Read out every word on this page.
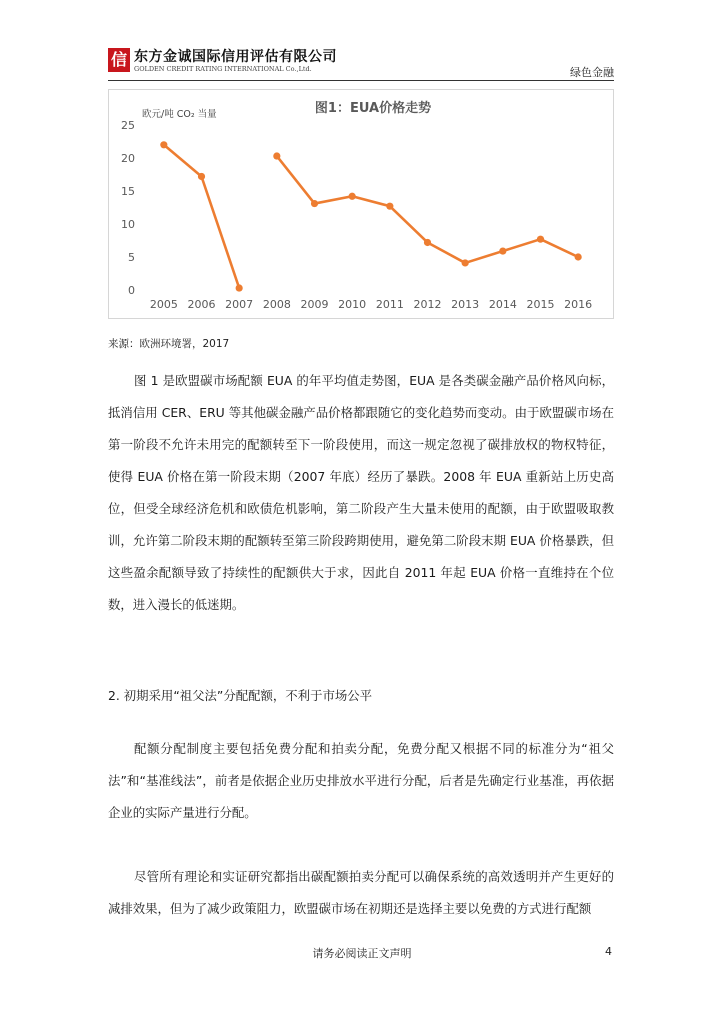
信 东方金诚国际信用评估有限公司
GOLDEN CREDIT RATING INTERNATIONAL Co.,Ltd.	绿色金融
图1：EUA价格走势
欧元/吨 CO₂ 当量
0
5
10
15
20
25
2005 2006 2007 2008 2009 2010 2011 2012 2013 2014 2015 2016
来源：欧洲环境署，2017

图 1 是欧盟碳市场配额 EUA 的年平均值走势图，EUA 是各类碳金融产品价格风向标，抵消信用 CER、ERU 等其他碳金融产品价格都跟随它的变化趋势而变动。由于欧盟碳市场在第一阶段不允许未用完的配额转至下一阶段使用，而这一规定忽视了碳排放权的物权特征，使得 EUA 价格在第一阶段末期（2007 年底）经历了暴跌。2008 年 EUA 重新站上历史高位，但受全球经济危机和欧债危机影响，第二阶段产生大量未使用的配额，由于欧盟吸取教训，允许第二阶段末期的配额转至第三阶段跨期使用，避免第二阶段末期 EUA 价格暴跌，但这些盈余配额导致了持续性的配额供大于求，因此自 2011 年起 EUA 价格一直维持在个位数，进入漫长的低迷期。

2. 初期采用“祖父法”分配配额，不利于市场公平

配额分配制度主要包括免费分配和拍卖分配，免费分配又根据不同的标准分为“祖父法”和“基准线法”，前者是依据企业历史排放水平进行分配，后者是先确定行业基准，再依据企业的实际产量进行分配。

尽管所有理论和实证研究都指出碳配额拍卖分配可以确保系统的高效透明并产生更好的减排效果，但为了减少政策阻力，欧盟碳市场在初期还是选择主要以免费的方式进行配额

请务必阅读正文声明	4
